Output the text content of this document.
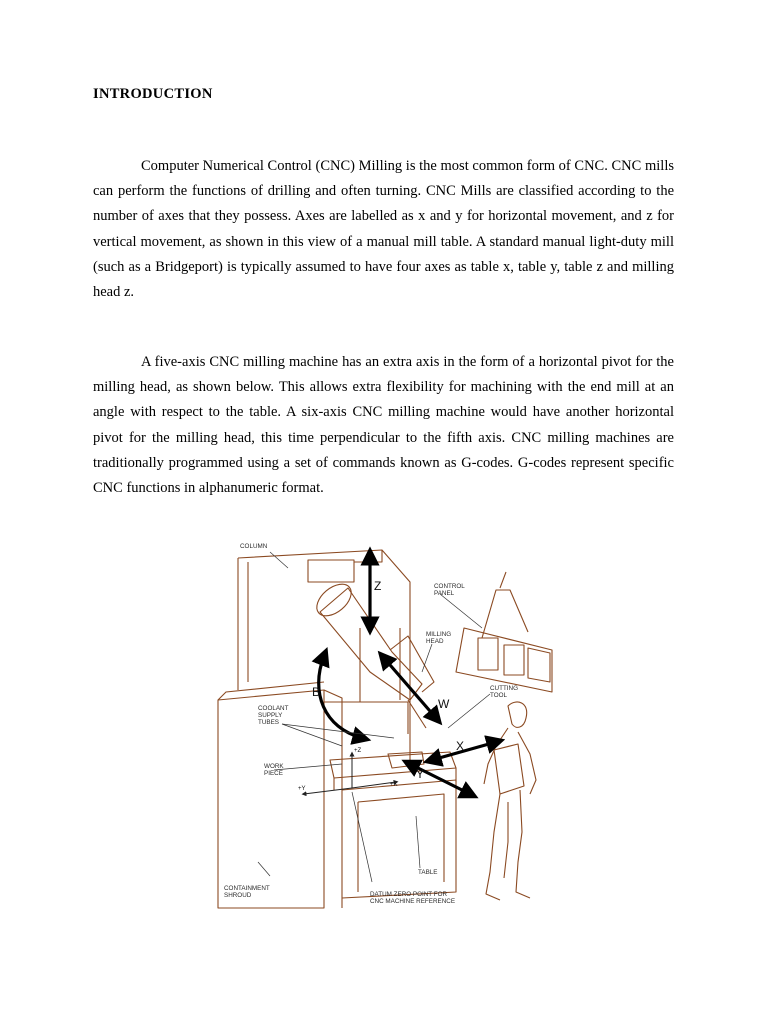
INTRODUCTION

Computer Numerical Control (CNC) Milling is the most common form of CNC. CNC mills can perform the functions of drilling and often turning. CNC Mills are classified according to the number of axes that they possess. Axes are labelled as x and y for horizontal movement, and z for vertical movement, as shown in this view of a manual mill table. A standard manual light-duty mill (such as a Bridgeport) is typically assumed to have four axes as table x, table y, table z and milling head z.

A five-axis CNC milling machine has an extra axis in the form of a horizontal pivot for the milling head, as shown below. This allows extra flexibility for machining with the end mill at an angle with respect to the table. A six-axis CNC milling machine would have another horizontal pivot for the milling head, this time perpendicular to the fifth axis. CNC milling machines are traditionally programmed using a set of commands known as G-codes. G-codes represent specific CNC functions in alphanumeric format.

Z
B
W
X
Y
+Z
+Y
+X
COLUMN
CONTROL
PANEL
MILLING
HEAD
CUTTING
TOOL
COOLANT
SUPPLY
TUBES
WORK
PIECE
TABLE
CONTAINMENT
SHROUD	DATUM ZERO POINT FOR
CNC MACHINE REFERENCE
